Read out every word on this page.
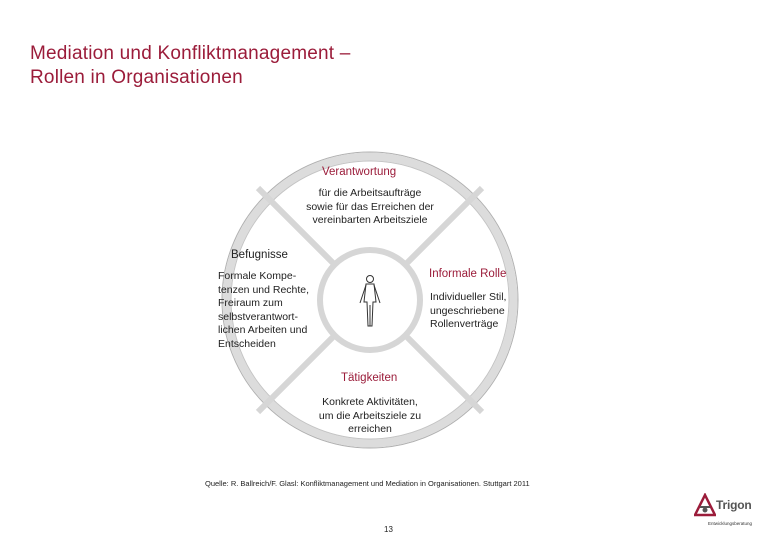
Mediation und Konfliktmanagement –
Rollen in Organisationen
Verantwortung
für die Arbeitsaufträge
sowie für das Erreichen der
vereinbarten Arbeitsziele
Befugnisse
Formale Kompe-
tenzen und Rechte,
Freiraum zum
selbstverantwort-
lichen Arbeiten und
Entscheiden
Informale Rolle
Individueller Stil,
ungeschriebene
Rollenverträge
Tätigkeiten
Konkrete Aktivitäten,
um die Arbeitsziele zu
erreichen
Quelle: R. Ballreich/F. Glasl: Konfliktmanagement und Mediation in Organisationen. Stuttgart 2011
13
Trigon
Entwicklungsberatung
